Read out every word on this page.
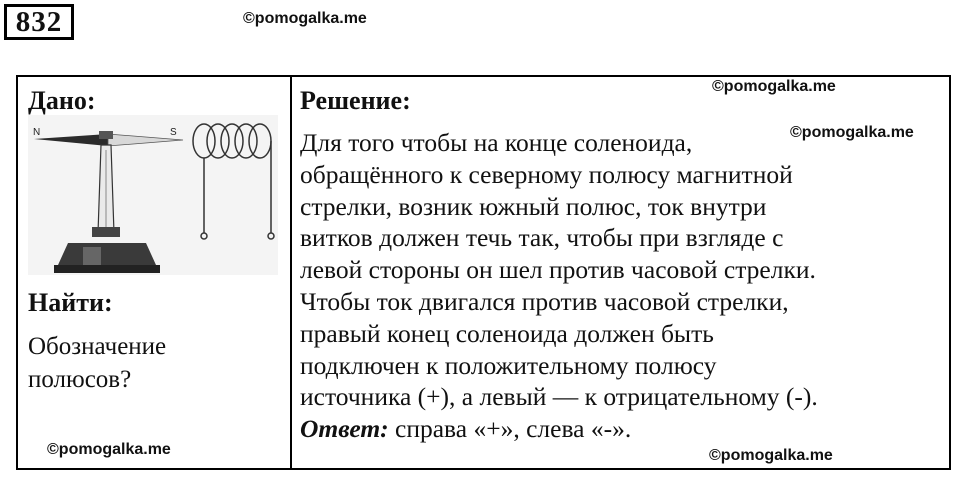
832	©pomogalka.me
Дано:
N	S
Найти:
Обозначение
полюсов?
Решение:
Для того чтобы на конце соленоида,
обращённого к северному полюсу магнитной
стрелки, возник южный полюс, ток внутри
витков должен течь так, чтобы при взгляде с
левой стороны он шел против часовой стрелки.
Чтобы ток двигался против часовой стрелки,
правый конец соленоида должен быть
подключен к положительному полюсу
источника (+), а левый — к отрицательному (-).
Ответ: справа «+», слева «-».
©pomogalka.me
©pomogalka.me
©pomogalka.me	©pomogalka.me
